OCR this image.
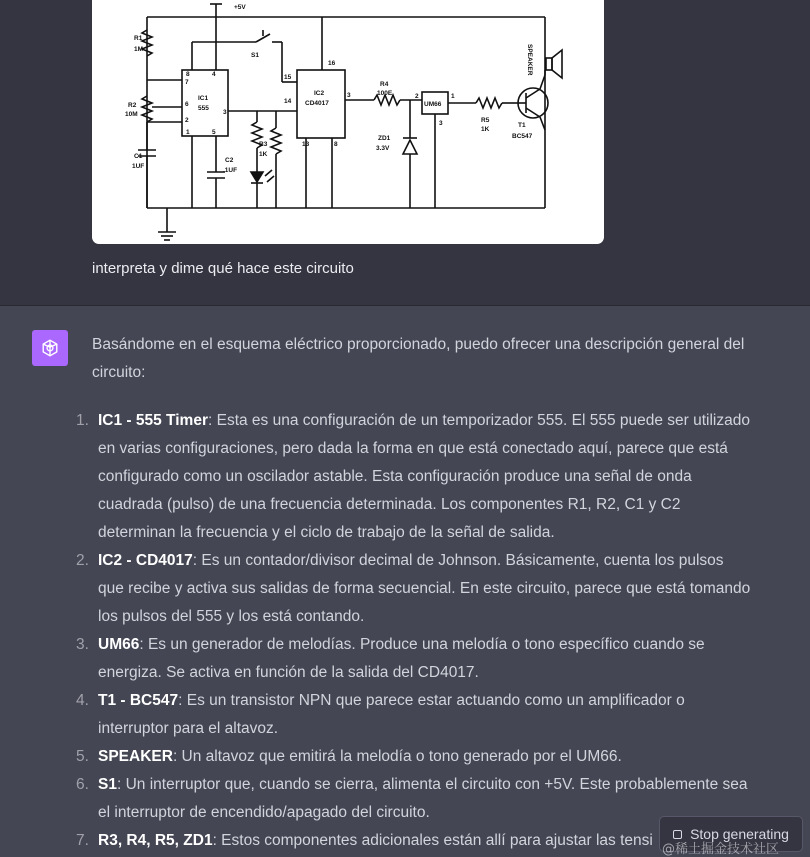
+5V
R1
1M
R2
10M
C1
1UF
C2
.1UF
S1
IC1
555
IC2
CD4017
R3
1K
R4
100E
ZD1
3.3V
UM66
R5
1K
T1
BC547
SPEAKER
8	4
7
6
2
1	5
3
15
14
16
13	8
3	2	1
3
interpreta y dime qué hace este circuito

Basándome en el esquema eléctrico proporcionado, puedo ofrecer una descripción general del circuito:

1. IC1 - 555 Timer: Esta es una configuración de un temporizador 555. El 555 puede ser utilizado en varias configuraciones, pero dada la forma en que está conectado aquí, parece que está configurado como un oscilador astable. Esta configuración produce una señal de onda cuadrada (pulso) de una frecuencia determinada. Los componentes R1, R2, C1 y C2 determinan la frecuencia y el ciclo de trabajo de la señal de salida.
2. IC2 - CD4017: Es un contador/divisor decimal de Johnson. Básicamente, cuenta los pulsos que recibe y activa sus salidas de forma secuencial. En este circuito, parece que está tomando los pulsos del 555 y los está contando.
3. UM66: Es un generador de melodías. Produce una melodía o tono específico cuando se energiza. Se activa en función de la salida del CD4017.
4. T1 - BC547: Es un transistor NPN que parece estar actuando como un amplificador o interruptor para el altavoz.
5. SPEAKER: Un altavoz que emitirá la melodía o tono generado por el UM66.
6. S1: Un interruptor que, cuando se cierra, alimenta el circuito con +5V. Este probablemente sea el interruptor de encendido/apagado del circuito.
7. R3, R4, R5, ZD1: Estos componentes adicionales están allí para ajustar las tensi	Stop generating
@稀土掘金技术社区
